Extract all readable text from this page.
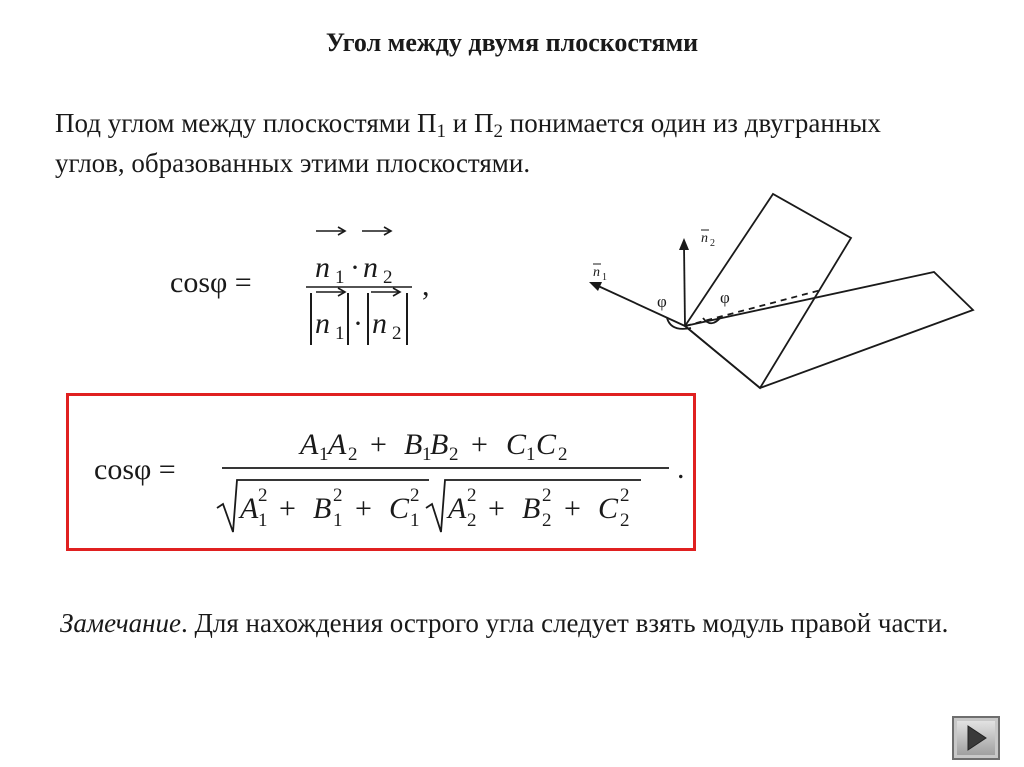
Угол между двумя плоскостями
Под углом между плоскостями $П_1$ и $П_2$ понимается один из двугранных углов, образованных этими плоскостями.
cosφ = n 1 · n 2
n 1 · n 2
,
n 2
n 1
φ	φ
cosφ =
A 1 A 2 + B 1
B 2 + C 1 C 2
A 2
1 + B 2
1 + C 2
1 A 2
2 + B 2
2 + C 2
2
.
Замечание. Для нахождения острого угла следует взять модуль правой части.
